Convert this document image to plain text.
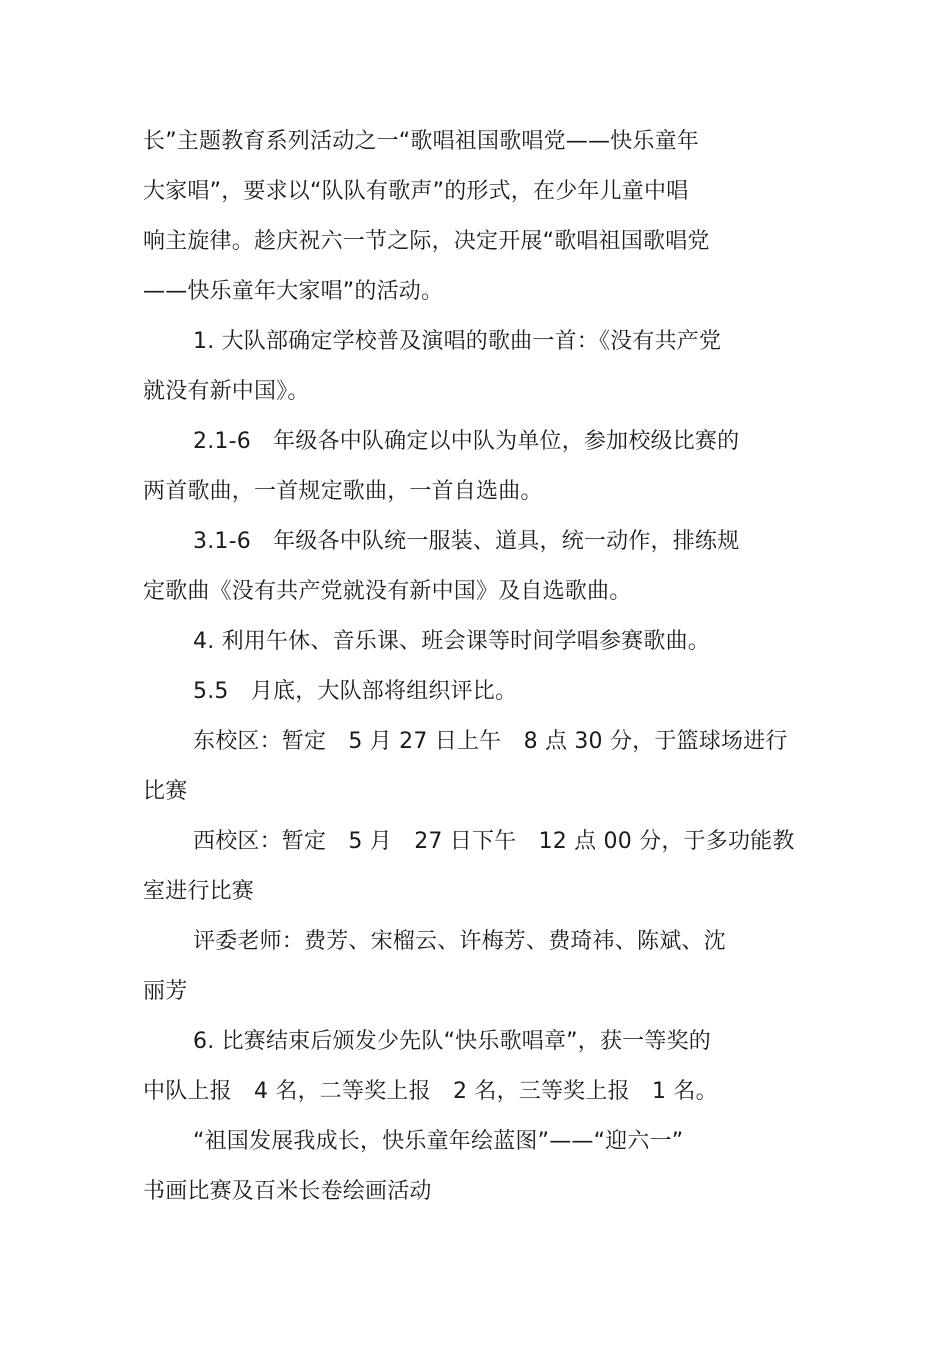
长”主题教育系列活动之一“歌唱祖国歌唱党——快乐童年
大家唱”，要求以“队队有歌声”的形式，在少年儿童中唱
响主旋律。趁庆祝六一节之际，决定开展“歌唱祖国歌唱党
——快乐童年大家唱”的活动。
1. 大队部确定学校普及演唱的歌曲一首：《没有共产党
就没有新中国》。
2.1-6　年级各中队确定以中队为单位，参加校级比赛的
两首歌曲，一首规定歌曲，一首自选曲。
3.1-6　年级各中队统一服装、道具，统一动作，排练规
定歌曲《没有共产党就没有新中国》及自选歌曲。
4. 利用午休、音乐课、班会课等时间学唱参赛歌曲。
5.5　月底，大队部将组织评比。
东校区：暂定　5 月 27 日上午　8 点 30 分，于篮球场进行
比赛
西校区：暂定　5 月　27 日下午　12 点 00 分，于多功能教
室进行比赛
评委老师：费芳、宋榴云、许梅芳、费琦祎、陈斌、沈
丽芳
6. 比赛结束后颁发少先队“快乐歌唱章”，获一等奖的
中队上报　4 名，二等奖上报　2 名，三等奖上报　1 名。
“祖国发展我成长，快乐童年绘蓝图”——“迎六一”
书画比赛及百米长卷绘画活动
